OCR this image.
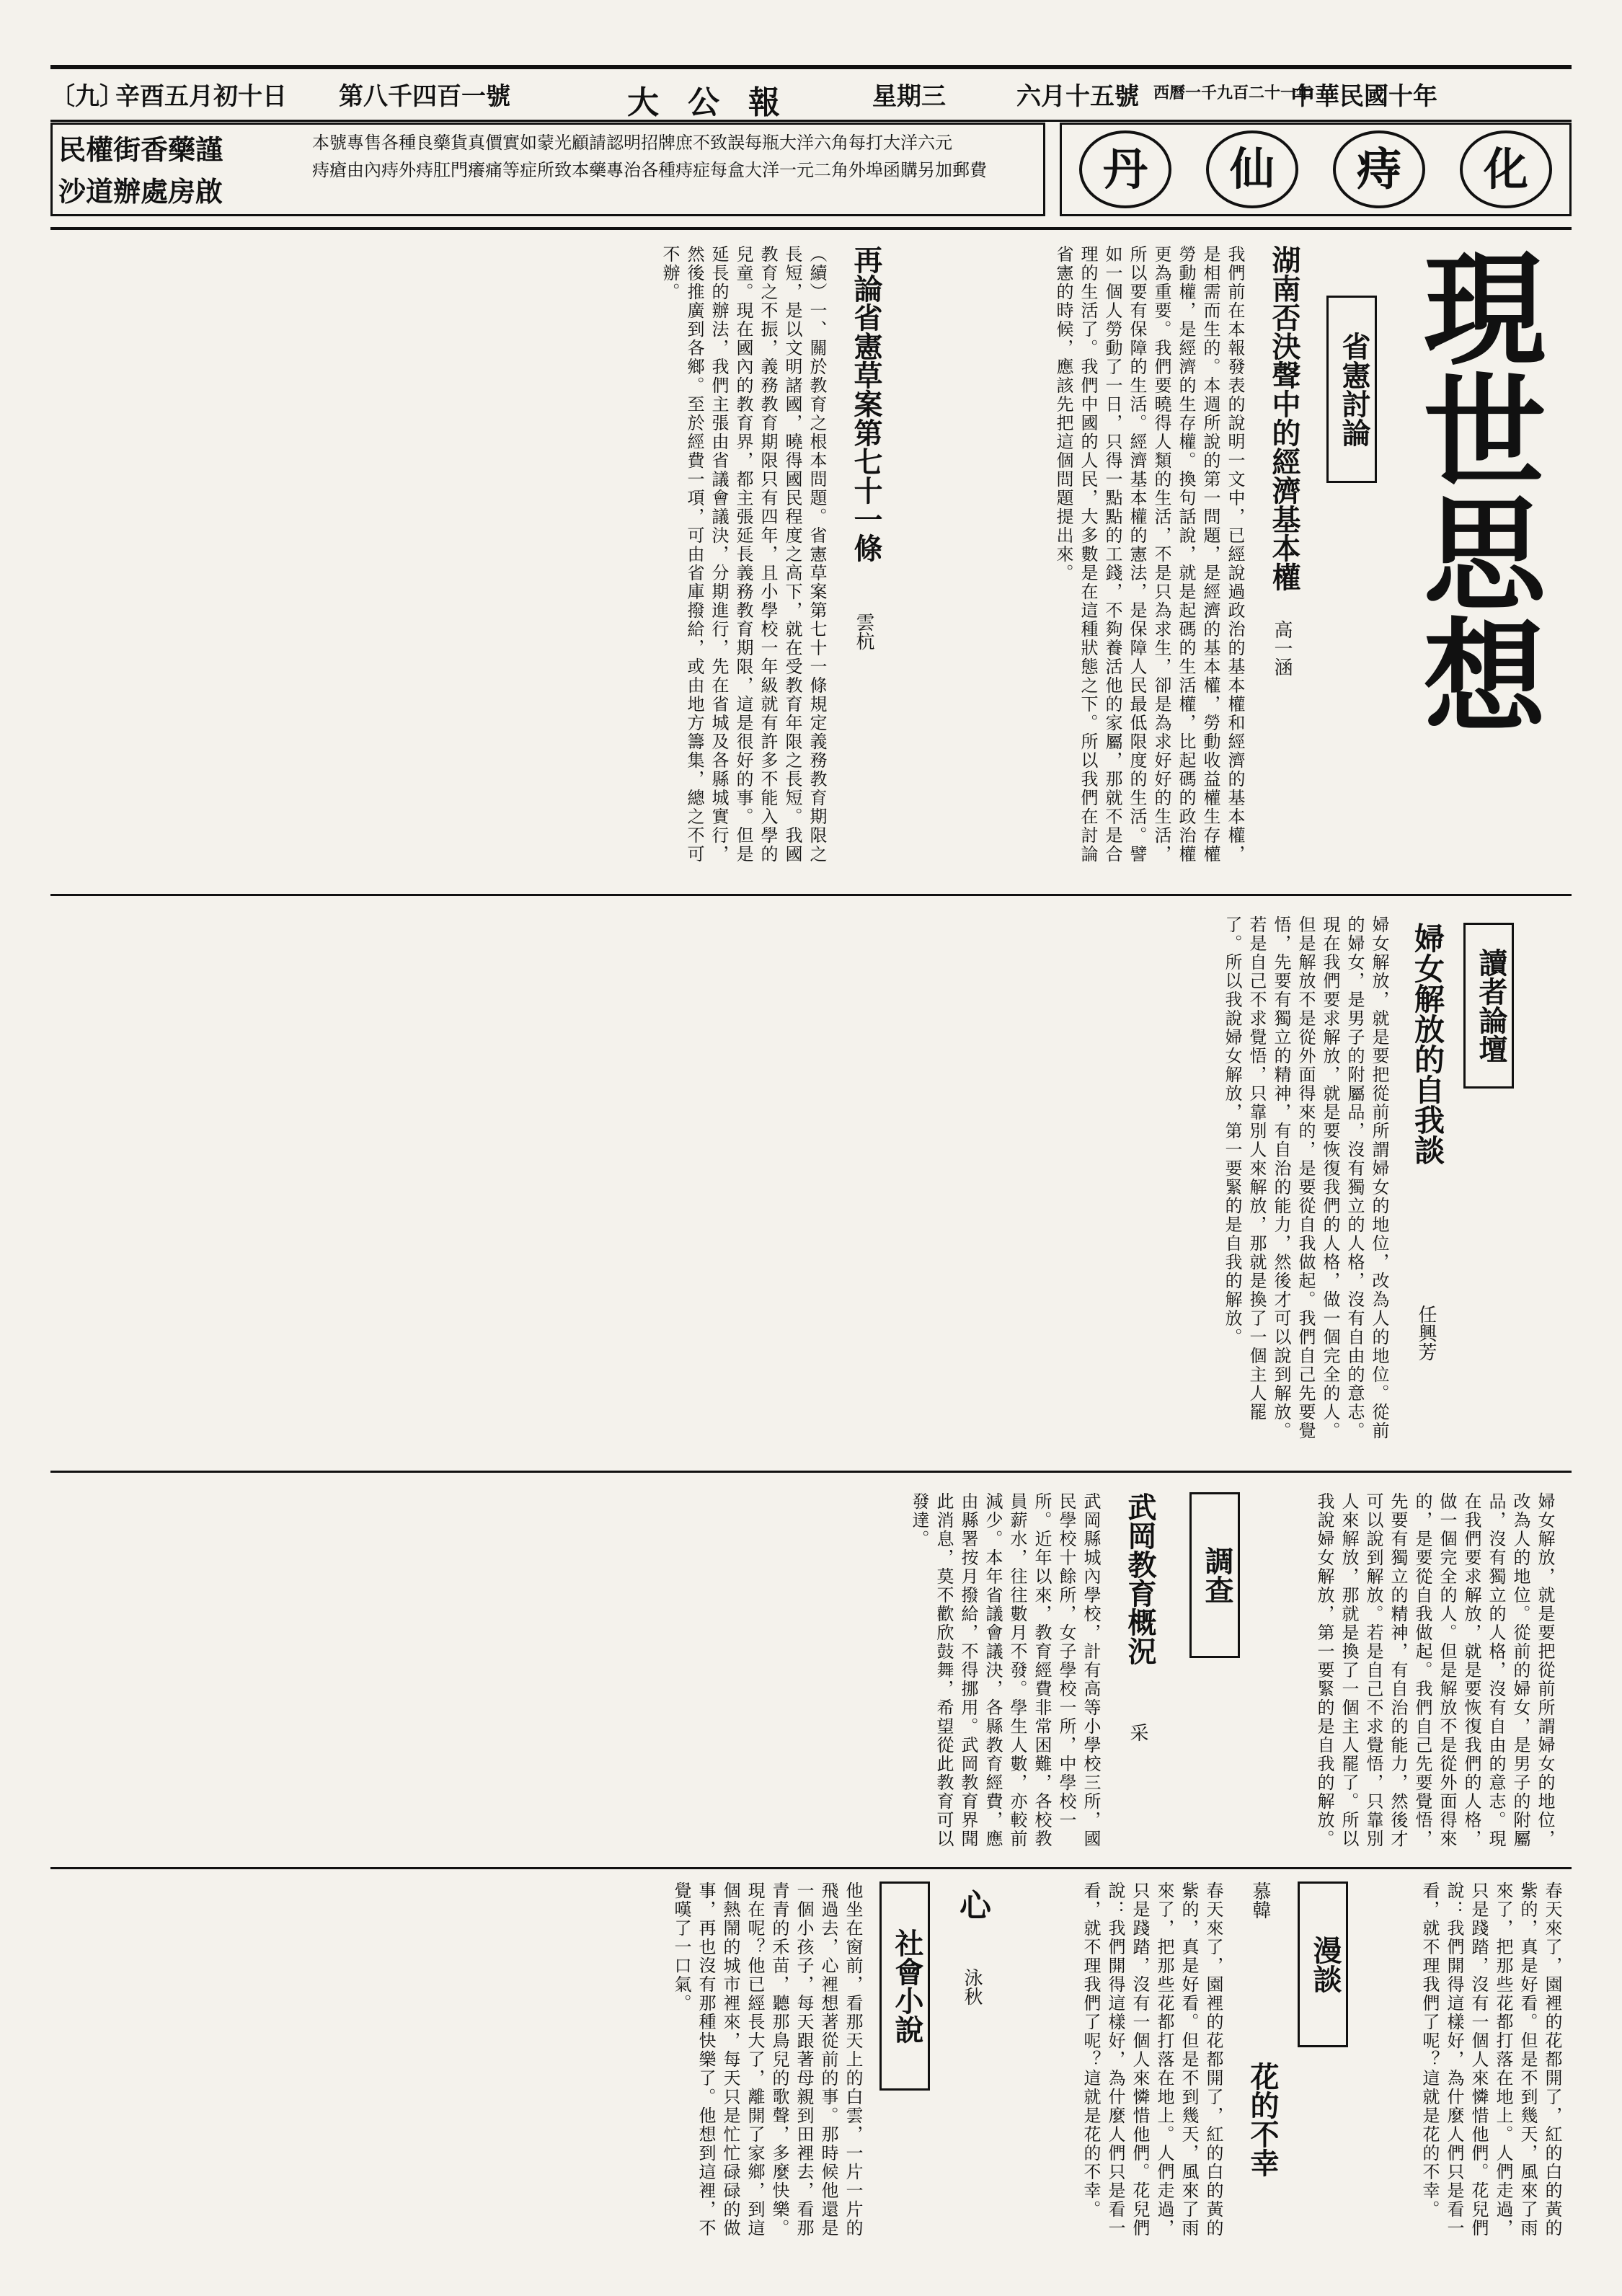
中華民國十年
六月十五號
星期三
大公報
第八千四百一號
辛酉五月初十日
〔九〕	西曆一千九百二十一年
民權街香藥謹
沙道辦處房啟
本號專售各種良藥貨真價實如蒙光顧請認明招牌庶不致誤每瓶大洋六角每打大洋六元
痔瘡由內痔外痔肛門癢痛等症所致本藥專治各種痔症每盒大洋一元二角外埠函購另加郵費	丹	仙	痔	化
現世思想
省憲討論
讀者論壇
調查
社會小說	漫談
湖南否決聲中的經濟基本權
高一涵
我們前在本報發表的說明一文中，已經說過政治的基本權和經濟的基本權，是相需而生的。本週所說的第一問題，是經濟的基本權，勞動收益權生存權勞動權，是經濟的生存權。換句話說，就是起碼的生活權，比起碼的政治權更為重要。我們要曉得人類的生活，不是只為求生，卻是為求好好的生活，所以要有保障的生活。經濟基本權的憲法，是保障人民最低限度的生活。譬如一個人勞動了一日，只得一點點的工錢，不夠養活他的家屬，那就不是合理的生活了。我們中國的人民，大多數是在這種狀態之下。所以我們在討論省憲的時候，應該先把這個問題提出來。
再論省憲草案第七十一條
雲杭
（續）一、關於教育之根本問題。省憲草案第七十一條規定義務教育期限之長短，是以文明諸國，曉得國民程度之高下，就在受教育年限之長短。我國教育之不振，義務教育期限只有四年，且小學校一年級就有許多不能入學的兒童。現在國內的教育界，都主張延長義務教育期限，這是很好的事。但是延長的辦法，我們主張由省議會議決，分期進行，先在省城及各縣城實行，然後推廣到各鄉。至於經費一項，可由省庫撥給，或由地方籌集，總之不可不辦。
婦女解放的自我談
任興芳
婦女解放，就是要把從前所謂婦女的地位，改為人的地位。從前的婦女，是男子的附屬品，沒有獨立的人格，沒有自由的意志。現在我們要求解放，就是要恢復我們的人格，做一個完全的人。但是解放不是從外面得來的，是要從自我做起。我們自己先要覺悟，先要有獨立的精神，有自治的能力，然後才可以說到解放。若是自己不求覺悟，只靠別人來解放，那就是換了一個主人罷了。所以我說婦女解放，第一要緊的是自我的解放。
武岡教育概況
采
武岡縣城內學校，計有高等小學校三所，國民學校十餘所，女子學校一所，中學校一所。近年以來，教育經費非常困難，各校教員薪水，往往數月不發。學生人數，亦較前減少。本年省議會議決，各縣教育經費，應由縣署按月撥給，不得挪用。武岡教育界聞此消息，莫不歡欣鼓舞，希望從此教育可以發達。	婦女解放，就是要把從前所謂婦女的地位，改為人的地位。從前的婦女，是男子的附屬品，沒有獨立的人格，沒有自由的意志。現在我們要求解放，就是要恢復我們的人格，做一個完全的人。但是解放不是從外面得來的，是要從自我做起。我們自己先要覺悟，先要有獨立的精神，有自治的能力，然後才可以說到解放。若是自己不求覺悟，只靠別人來解放，那就是換了一個主人罷了。所以我說婦女解放，第一要緊的是自我的解放。
心
泳秋
他坐在窗前，看那天上的白雲，一片一片的飛過去，心裡想著從前的事。那時候他還是一個小孩子，每天跟著母親到田裡去，看那青青的禾苗，聽那鳥兒的歌聲，多麼快樂。現在呢？他已經長大了，離開了家鄉，到這個熱鬧的城市裡來，每天只是忙忙碌碌的做事，再也沒有那種快樂了。他想到這裡，不覺嘆了一口氣。
花的不幸
慕韓	春天來了，園裡的花都開了，紅的白的黃的紫的，真是好看。但是不到幾天，風來了雨來了，把那些花都打落在地上。人們走過，只是踐踏，沒有一個人來憐惜他們。花兒們說：我們開得這樣好，為什麼人們只是看一看，就不理我們了呢？這就是花的不幸。
春天來了，園裡的花都開了，紅的白的黃的紫的，真是好看。但是不到幾天，風來了雨來了，把那些花都打落在地上。人們走過，只是踐踏，沒有一個人來憐惜他們。花兒們說：我們開得這樣好，為什麼人們只是看一看，就不理我們了呢？這就是花的不幸。
